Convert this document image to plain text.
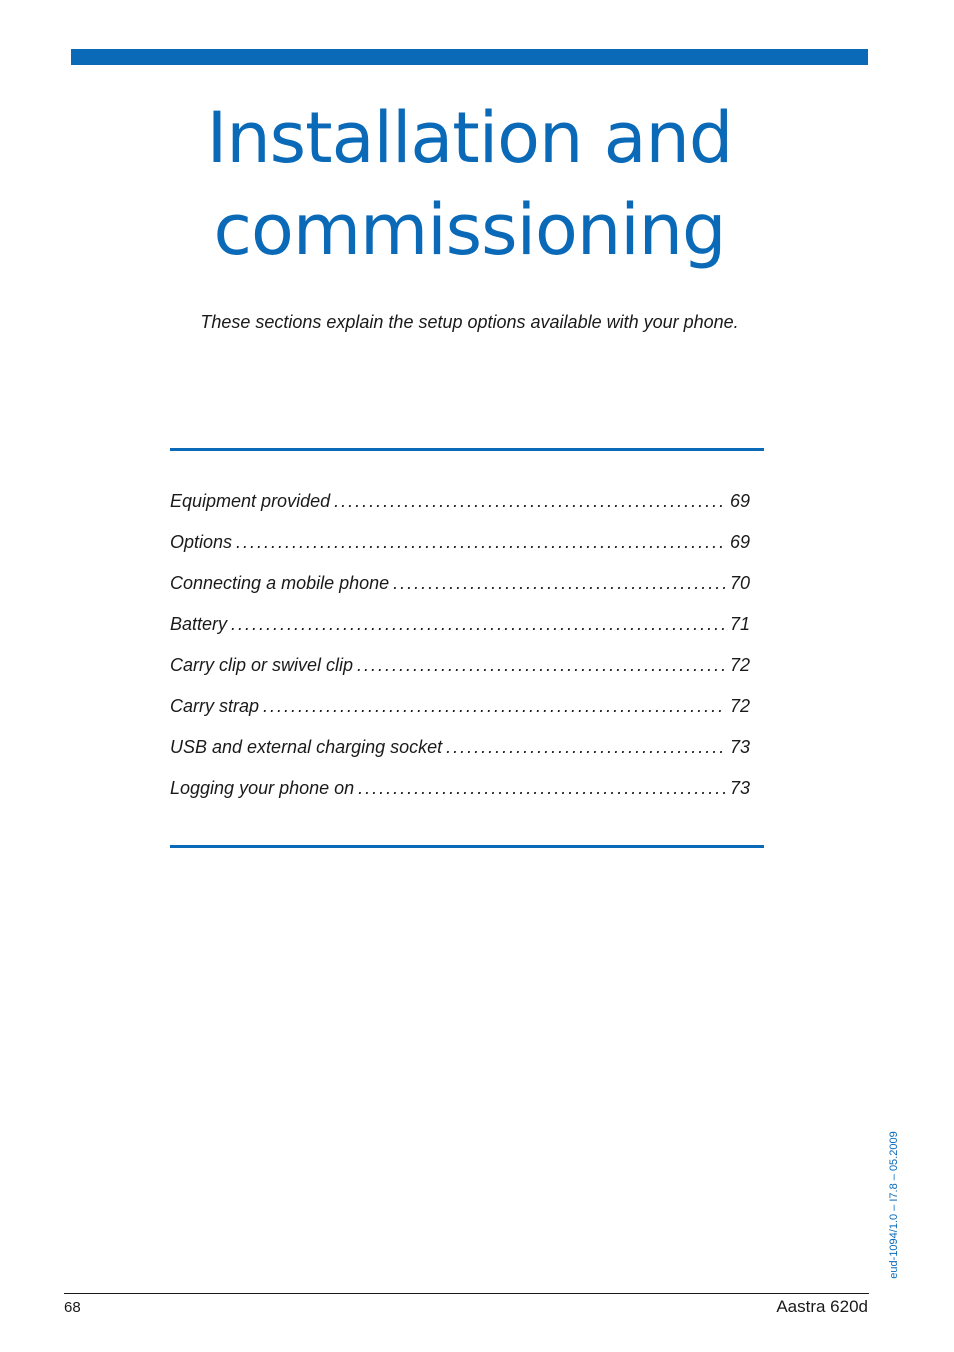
Installation and
commissioning
These sections explain the setup options available with your phone.
Equipment provided .....	69
Options .....	69
Connecting a mobile phone .....	70
Battery .....	71
Carry clip or swivel clip .....	72
Carry strap .....	72
USB and external charging socket .....	73
Logging your phone on .....	73
eud-1094/1.0 – I7.8 – 05.2009
68	Aastra 620d
